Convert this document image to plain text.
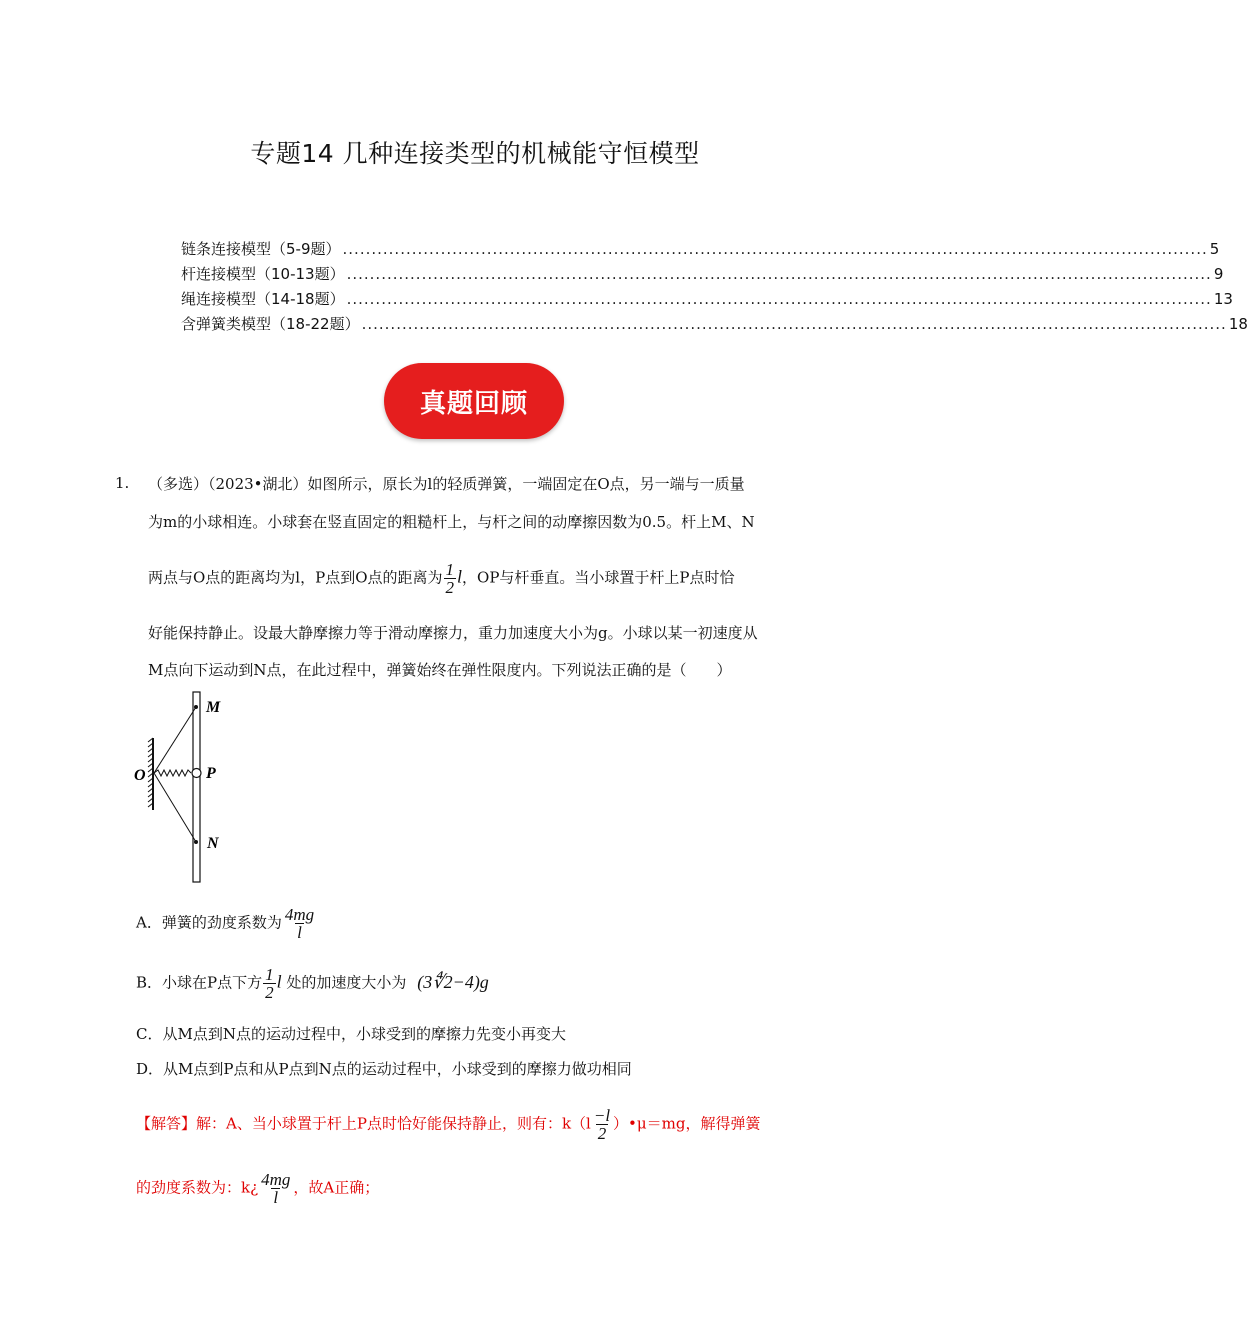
专题14 几种连接类型的机械能守恒模型
链条连接模型（5-9题） ...................................................................................................................................................... 5
杆连接模型（10-13题） ...................................................................................................................................................... 9
绳连接模型（14-18题） ...................................................................................................................................................... 13
含弹簧类模型（18-22题） ...................................................................................................................................................... 18
真题回顾
1. （多选）（2023•湖北）如图所示，原长为l的轻质弹簧，一端固定在O点，另一端与一质量
为m的小球相连。小球套在竖直固定的粗糙杆上，与杆之间的动摩擦因数为0.5。杆上M、N
两点与O点的距离均为l，P点到O点的距离为 $\frac{1}{2}$ l，OP与杆垂直。当小球置于杆上P点时恰
好能保持静止。设最大静摩擦力等于滑动摩擦力，重力加速度大小为g。小球以某一初速度从
M点向下运动到N点，在此过程中，弹簧始终在弹性限度内。下列说法正确的是（　　）
M
O	P
N
A．弹簧的劲度系数为 $\frac{4mg}{l}$
B．小球在P点下方 $\frac{1}{2}$ l 处的加速度大小为 (3∜2−4)g
C．从M点到N点的运动过程中，小球受到的摩擦力先变小再变大
D．从M点到P点和从P点到N点的运动过程中，小球受到的摩擦力做功相同
【解答】解：A、当小球置于杆上P点时恰好能保持静止，则有：$k(l \frac{-l}{2}$ ）•μ＝mg，解得弹簧
的劲度系数为：k¿ $\frac{4mg}{l}$ ，故A正确；
